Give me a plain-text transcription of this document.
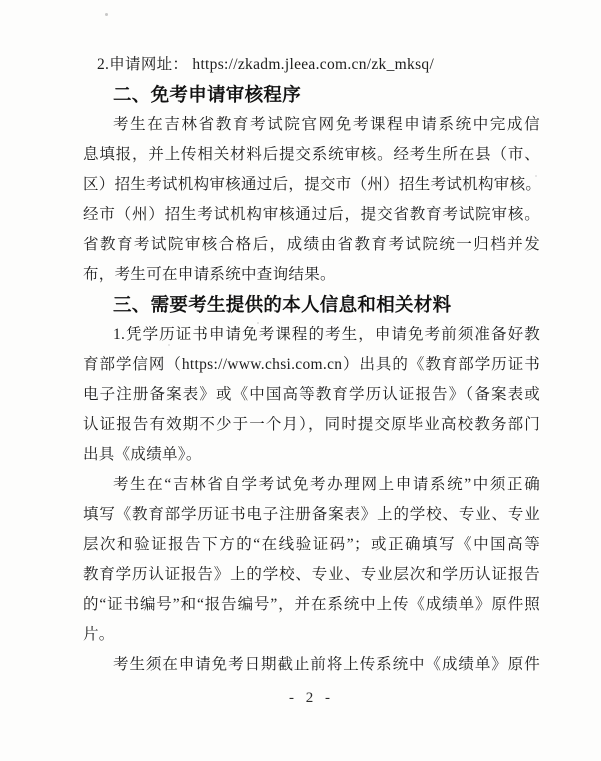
2.申请网址： https://zkadm.jleea.com.cn/zk_mksq/
二、免考申请审核程序
考生在吉林省教育考试院官网免考课程申请系统中完成信
息填报，并上传相关材料后提交系统审核。经考生所在县（市、
区）招生考试机构审核通过后，提交市（州）招生考试机构审核。
经市（州）招生考试机构审核通过后，提交省教育考试院审核。
省教育考试院审核合格后，成绩由省教育考试院统一归档并发
布，考生可在申请系统中查询结果。
三、需要考生提供的本人信息和相关材料
1.凭学历证书申请免考课程的考生，申请免考前须准备好教
育部学信网（https://www.chsi.com.cn）出具的《教育部学历证书
电子注册备案表》或《中国高等教育学历认证报告》（备案表或
认证报告有效期不少于一个月），同时提交原毕业高校教务部门
出具《成绩单》。
考生在“吉林省自学考试免考办理网上申请系统”中须正确
填写《教育部学历证书电子注册备案表》上的学校、专业、专业
层次和验证报告下方的“在线验证码”；或正确填写《中国高等
教育学历认证报告》上的学校、专业、专业层次和学历认证报告
的“证书编号”和“报告编号”，并在系统中上传《成绩单》原件照
片。
考生须在申请免考日期截止前将上传系统中《成绩单》原件
- 2 -
